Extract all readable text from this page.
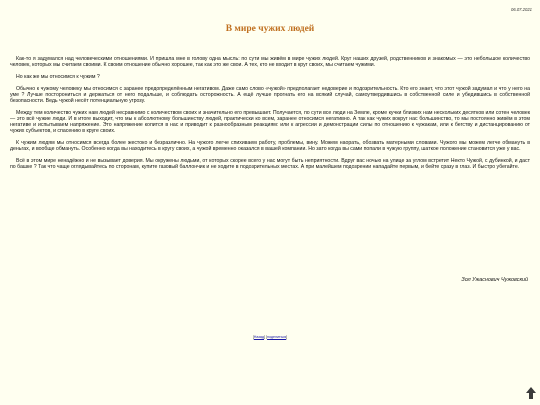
06.07.2021
В мире чужих людей

Как-то я задумался над человеческими отношениями. И пришла мне в голову одна мысль: по сути мы живём в мире чужих людей. Круг наших друзей, родственников и знакомых — это небольшое количество человек, которых мы считаем своими. К своим отношение обычно хорошее, так как это же свои. А тех, кто не входит в круг своих, мы считаем чужими.

Но как же мы относимся к чужим ?

Обычно к чужому человеку мы относимся с заранее предопределённым негативом. Даже само слово «чужой» предполагает недоверие и подозрительность. Кто его знает, что этот чужой задумал и что у него на уме ? Лучше посторониться и держаться от него подальше, и соблюдать осторожность. А ещё лучше прогнать его на всякий случай, самоутвердившись в собственной силе и убедившись в собственной безопасности. Ведь чужой несёт потенциальную угрозу.

Между тем количество чужих нам людей несравнимо с количеством своих и значительно его превышает. Получается, по сути все люди на Земле, кроме кучки близких нам нескольких десятков или сотен человек — это всё чужие люди. И в итоге выходит, что мы к абсолютному большинству людей, практически ко всем, заранее относимся негативно. А так как чужих вокруг нас большинство, то мы постоянно живём в этом негативе и испытываем напряжение. Это напряжение копится в нас и приводит к разнообразным реакциям: или к агрессии и демонстрации силы по отношению к чужакам, или к бегству и дистанцированию от чужих субъектов, и спасению в круге своих.

К чужим людям мы относимся всегда более жестоко и безразлично. На чужого легче спихиваем работу, проблемы, вину. Можем наорать, обозвать матерными словами. Чужого мы можем легче обмануть в деньгах, и вообще обмануть. Особенно когда вы находитесь в кругу своих, а чужой временно оказался в вашей компании. Но зато когда вы сами попали в чужую группу, шаткое положение становится уже у вас.

Всё в этом мире ненадёжно и не вызывает доверия. Мы окружены людьми, от которых скорее всего у нас могут быть неприятности. Вдруг вас ночью на улице за углом встретит Некто Чужой, с дубинкой, и даст по башке ? Так что чаще оглядывайтесь по сторонам, купите газовый баллончик и не ходите в подозрительных местах. А при малейшем подозрении нападайте первым, и бейте сразу в глаз. И быстро убегайте.

Зол Ужаснович Чужовский
[Назад] [поделиться]
